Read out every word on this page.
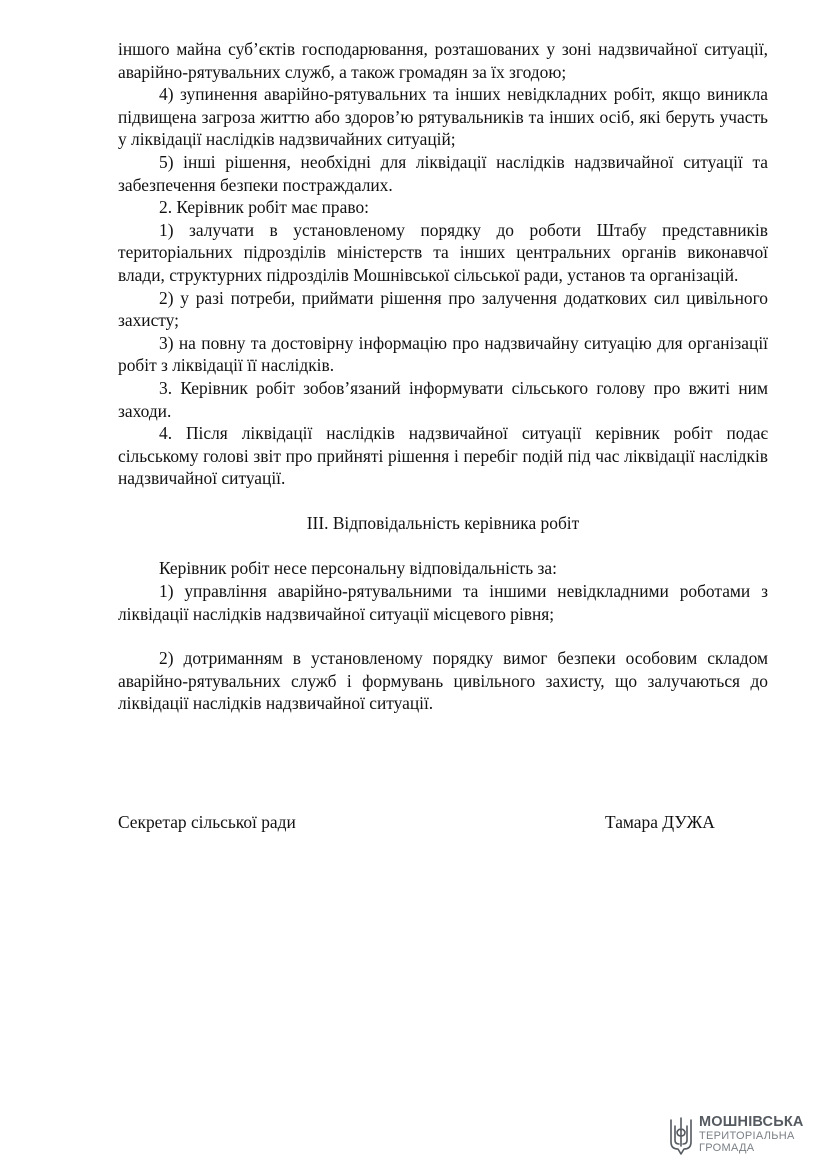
іншого майна суб’єктів господарювання, розташованих у зоні надзвичайної ситуації, аварійно-рятувальних служб, а також громадян за їх згодою;

4) зупинення аварійно-рятувальних та інших невідкладних робіт, якщо виникла підвищена загроза життю або здоров’ю рятувальників та інших осіб, які беруть участь у ліквідації наслідків надзвичайних ситуацій;

5) інші рішення, необхідні для ліквідації наслідків надзвичайної ситуації та забезпечення безпеки постраждалих.

2. Керівник робіт має право:

1) залучати в установленому порядку до роботи Штабу представників територіальних підрозділів міністерств та інших центральних органів виконавчої влади, структурних підрозділів Мошнівської сільської ради, установ та організацій.

2) у разі потреби, приймати рішення про залучення додаткових сил цивільного захисту;

3) на повну та достовірну інформацію про надзвичайну ситуацію для організації робіт з ліквідації її наслідків.

3. Керівник робіт зобов’язаний інформувати сільського голову про вжиті ним заходи.

4. Після ліквідації наслідків надзвичайної ситуації керівник робіт подає сільському голові звіт про прийняті рішення і перебіг подій під час ліквідації наслідків надзвичайної ситуації.

ІІІ. Відповідальність керівника робіт

Керівник робіт несе персональну відповідальність за:

1) управління аварійно-рятувальними та іншими невідкладними роботами з ліквідації наслідків надзвичайної ситуації місцевого рівня;

2) дотриманням в установленому порядку вимог безпеки особовим складом аварійно-рятувальних служб і формувань цивільного захисту, що залучаються до ліквідації наслідків надзвичайної ситуації.

Секретар сільської ради	Тамара ДУЖА
МОШНІВСЬКА
ТЕРИТОРІАЛЬНА
ГРОМАДА
